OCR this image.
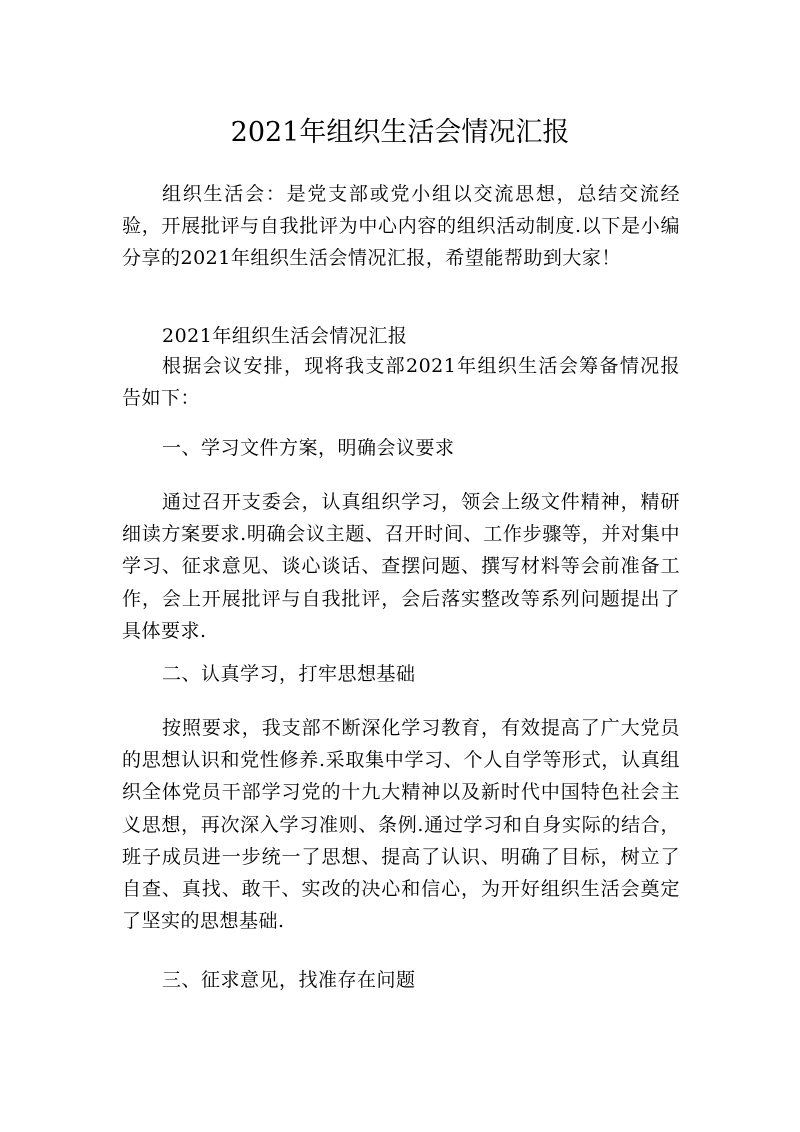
2021年组织生活会情况汇报

组织生活会：是党支部或党小组以交流思想，总结交流经验，开展批评与自我批评为中心内容的组织活动制度.以下是小编分享的2021年组织生活会情况汇报，希望能帮助到大家！

2021年组织生活会情况汇报

根据会议安排，现将我支部2021年组织生活会筹备情况报告如下：

一、学习文件方案，明确会议要求

通过召开支委会，认真组织学习，领会上级文件精神，精研细读方案要求.明确会议主题、召开时间、工作步骤等，并对集中学习、征求意见、谈心谈话、查摆问题、撰写材料等会前准备工作，会上开展批评与自我批评，会后落实整改等系列问题提出了具体要求.

二、认真学习，打牢思想基础

按照要求，我支部不断深化学习教育，有效提高了广大党员的思想认识和党性修养.采取集中学习、个人自学等形式，认真组织全体党员干部学习党的十九大精神以及新时代中国特色社会主义思想，再次深入学习准则、条例.通过学习和自身实际的结合，班子成员进一步统一了思想、提高了认识、明确了目标，树立了自查、真找、敢干、实改的决心和信心，为开好组织生活会奠定了坚实的思想基础.

三、征求意见，找准存在问题
